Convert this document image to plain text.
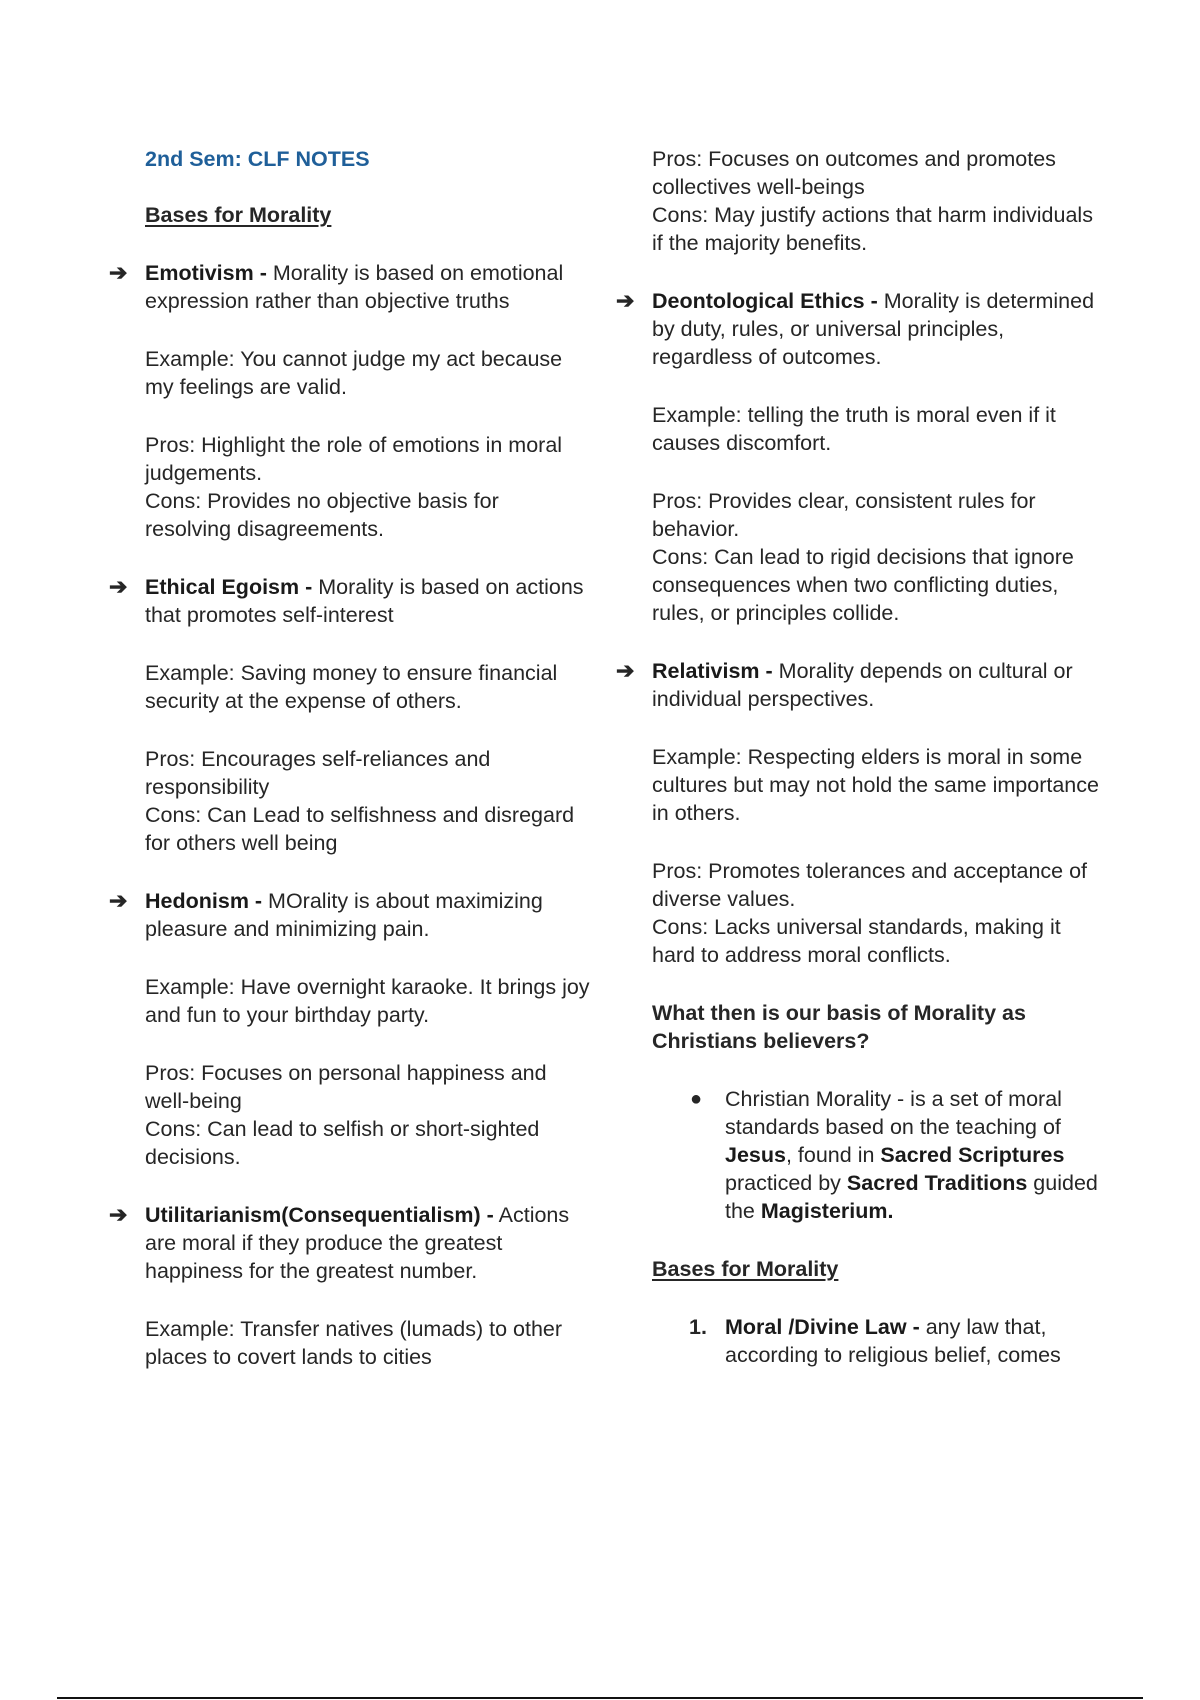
2nd Sem: CLF NOTES

Bases for Morality

➔ Emotivism - Morality is based on emotional expression rather than objective truths

Example: You cannot judge my act because my feelings are valid.

Pros: Highlight the role of emotions in moral judgements.

Cons: Provides no objective basis for resolving disagreements.

➔ Ethical Egoism - Morality is based on actions that promotes self-interest

Example: Saving money to ensure financial security at the expense of others.

Pros: Encourages self-reliances and responsibility

Cons: Can Lead to selfishness and disregard for others well being

➔ Hedonism - MOrality is about maximizing pleasure and minimizing pain.

Example: Have overnight karaoke. It brings joy and fun to your birthday party.

Pros: Focuses on personal happiness and well-being

Cons: Can lead to selfish or short-sighted decisions.

➔ Utilitarianism(Consequentialism) - Actions are moral if they produce the greatest happiness for the greatest number.

Example: Transfer natives (lumads) to other places to covert lands to cities

Pros: Focuses on outcomes and promotes collectives well-beings

Cons: May justify actions that harm individuals if the majority benefits.

➔ Deontological Ethics - Morality is determined by duty, rules, or universal principles, regardless of outcomes.

Example: telling the truth is moral even if it causes discomfort.

Pros: Provides clear, consistent rules for behavior.

Cons: Can lead to rigid decisions that ignore consequences when two conflicting duties, rules, or principles collide.

➔ Relativism - Morality depends on cultural or individual perspectives.

Example: Respecting elders is moral in some cultures but may not hold the same importance in others.

Pros: Promotes tolerances and acceptance of diverse values.

Cons: Lacks universal standards, making it hard to address moral conflicts.

What then is our basis of Morality as Christians believers?

● Christian Morality - is a set of moral standards based on the teaching of Jesus, found in Sacred Scriptures practiced by Sacred Traditions guided the Magisterium.

Bases for Morality

1. Moral /Divine Law - any law that, according to religious belief, comes
